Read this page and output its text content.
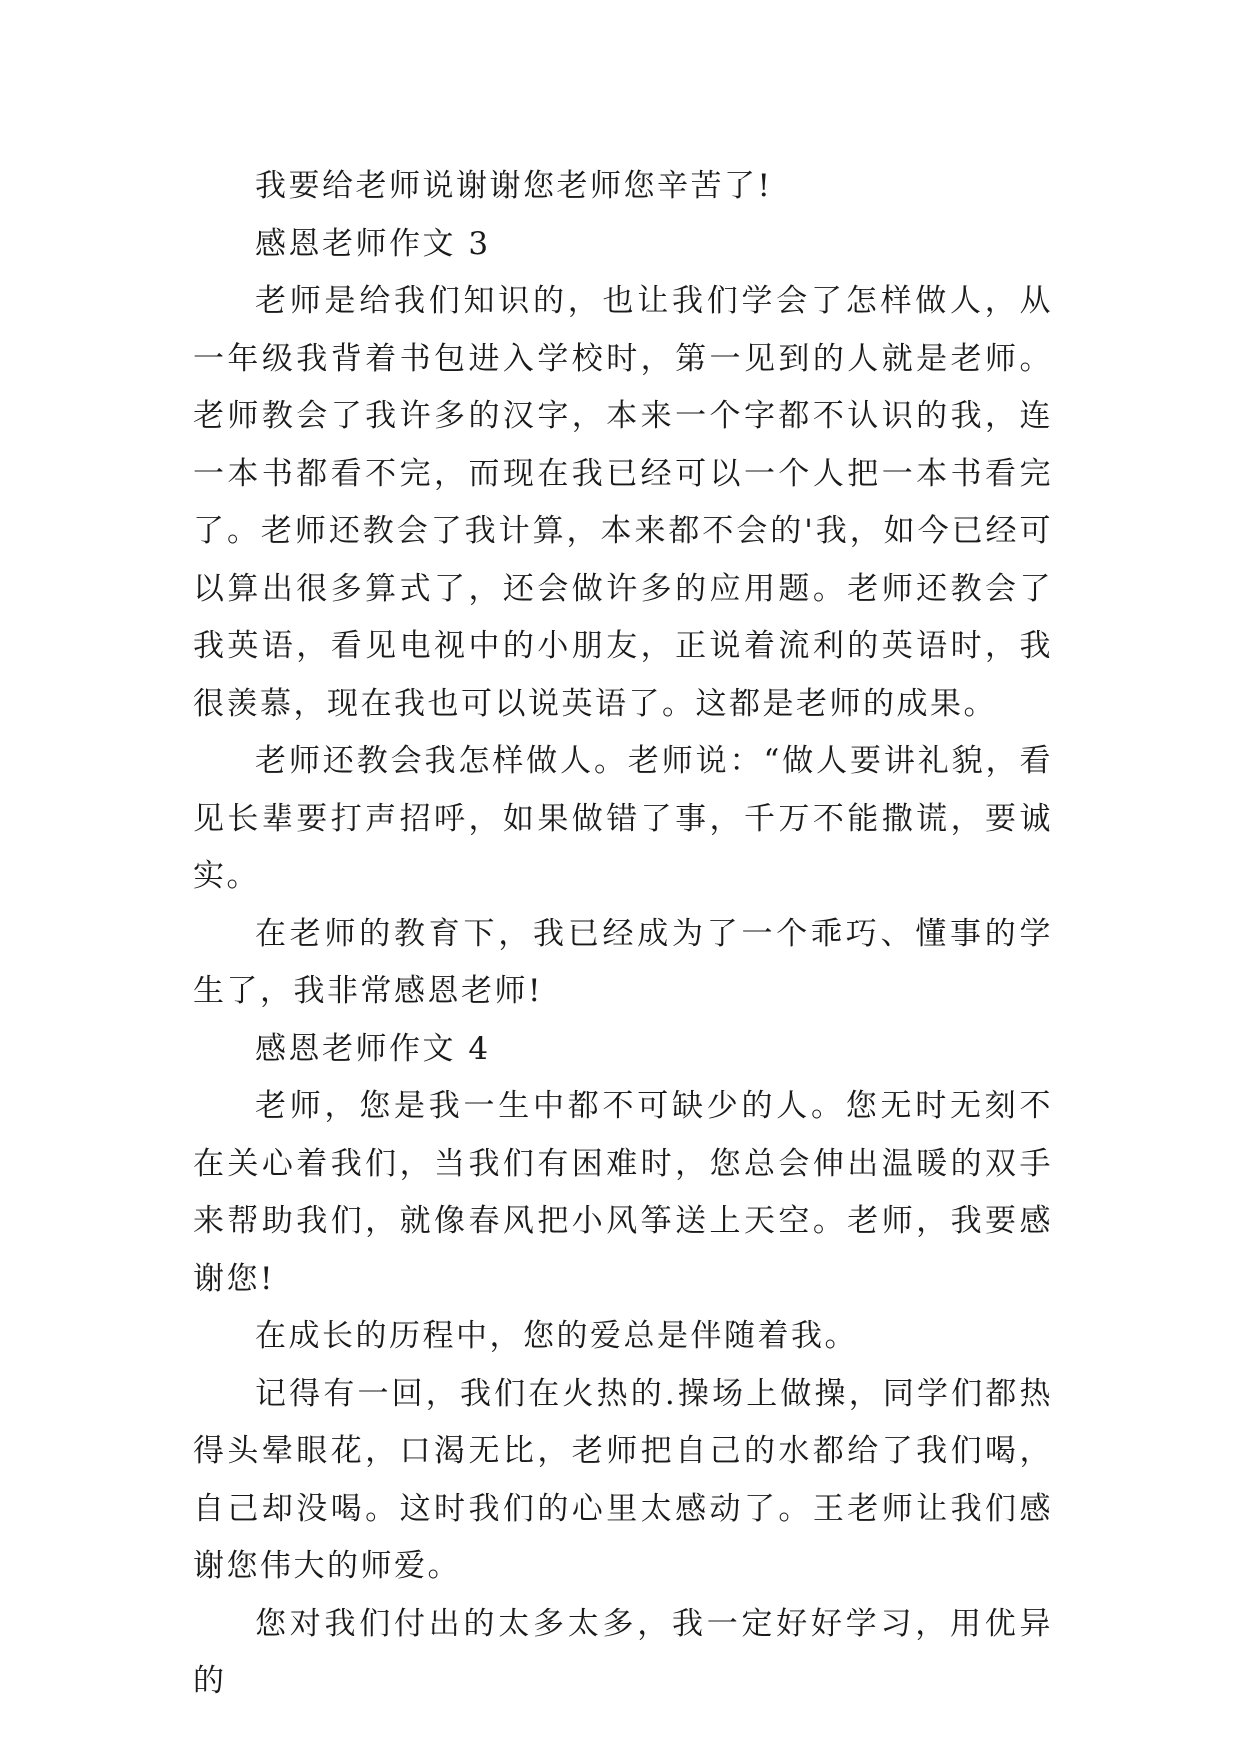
我要给老师说谢谢您老师您辛苦了!

感恩老师作文 3

老师是给我们知识的，也让我们学会了怎样做人，从一年级我背着书包进入学校时，第一见到的人就是老师。老师教会了我许多的汉字，本来一个字都不认识的我，连一本书都看不完，而现在我已经可以一个人把一本书看完了。老师还教会了我计算，本来都不会的'我，如今已经可以算出很多算式了，还会做许多的应用题。老师还教会了我英语，看见电视中的小朋友，正说着流利的英语时，我很羡慕，现在我也可以说英语了。这都是老师的成果。

老师还教会我怎样做人。老师说：“做人要讲礼貌，看见长辈要打声招呼，如果做错了事，千万不能撒谎，要诚实。

在老师的教育下，我已经成为了一个乖巧、懂事的学生了，我非常感恩老师!

感恩老师作文 4

老师，您是我一生中都不可缺少的人。您无时无刻不在关心着我们，当我们有困难时，您总会伸出温暖的双手来帮助我们，就像春风把小风筝送上天空。老师，我要感谢您!

在成长的历程中，您的爱总是伴随着我。

记得有一回，我们在火热的.操场上做操，同学们都热得头晕眼花，口渴无比，老师把自己的水都给了我们喝，自己却没喝。这时我们的心里太感动了。王老师让我们感谢您伟大的师爱。

您对我们付出的太多太多，我一定好好学习，用优异的
